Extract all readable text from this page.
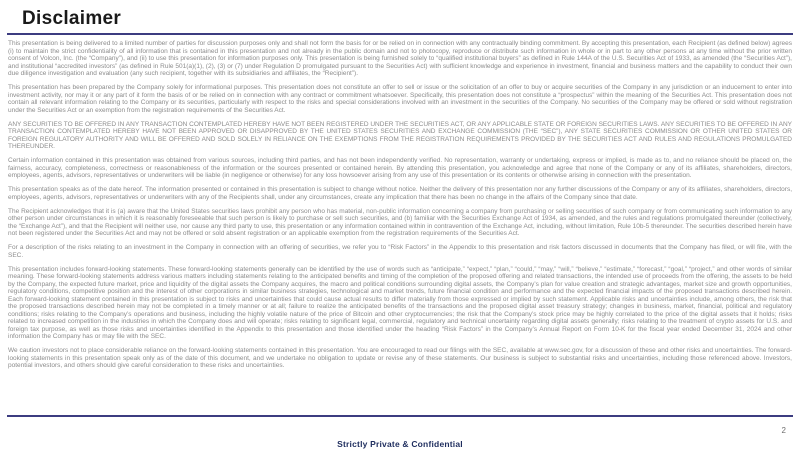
Disclaimer

This presentation is being delivered to a limited number of parties for discussion purposes only and shall not form the basis for or be relied on in connection with any contractually binding commitment. By accepting this presentation, each Recipient (as defined below) agrees (i) to maintain the strict confidentiality of all information that is contained in this presentation and not already in the public domain and not to photocopy, reproduce or distribute such information in whole or in part to any other persons at any time without the prior written consent of Volcon, Inc. (the “Company”), and (ii) to use this presentation for information purposes only. This presentation is being furnished solely to “qualified institutional buyers” as defined in Rule 144A of the U.S. Securities Act of 1933, as amended (the “Securities Act”), and institutional “accredited investors” (as defined in Rule 501(a)(1), (2), (3) or (7) under Regulation D promulgated pursuant to the Securities Act) with sufficient knowledge and experience in investment, financial and business matters and the capability to conduct their own due diligence investigation and evaluation (any such recipient, together with its subsidiaries and affiliates, the “Recipient”).

This presentation has been prepared by the Company solely for informational purposes. This presentation does not constitute an offer to sell or issue or the solicitation of an offer to buy or acquire securities of the Company in any jurisdiction or an inducement to enter into investment activity, nor may it or any part of it form the basis of or be relied on in connection with any contract or commitment whatsoever. Specifically, this presentation does not constitute a “prospectus” within the meaning of the Securities Act. This presentation does not contain all relevant information relating to the Company or its securities, particularly with respect to the risks and special considerations involved with an investment in the securities of the Company. No securities of the Company may be offered or sold without registration under the Securities Act or an exemption from the registration requirements of the Securities Act.

ANY SECURITIES TO BE OFFERED IN ANY TRANSACTION CONTEMPLATED HEREBY HAVE NOT BEEN REGISTERED UNDER THE SECURITIES ACT, OR ANY APPLICABLE STATE OR FOREIGN SECURITIES LAWS. ANY SECURITIES TO BE OFFERED IN ANY TRANSACTION CONTEMPLATED HEREBY HAVE NOT BEEN APPROVED OR DISAPPROVED BY THE UNITED STATES SECURITIES AND EXCHANGE COMMISSION (THE “SEC”), ANY STATE SECURITIES COMMISSION OR OTHER UNITED STATES OR FOREIGN REGULATORY AUTHORITY AND WILL BE OFFERED AND SOLD SOLELY IN RELIANCE ON THE EXEMPTIONS FROM THE REGISTRATION REQUIREMENTS PROVIDED BY THE SECURITIES ACT AND RULES AND REGULATIONS PROMULGATED THEREUNDER.

Certain information contained in this presentation was obtained from various sources, including third parties, and has not been independently verified. No representation, warranty or undertaking, express or implied, is made as to, and no reliance should be placed on, the fairness, accuracy, completeness, correctness or reasonableness of the information or the sources presented or contained herein. By attending this presentation, you acknowledge and agree that none of the Company or any of its affiliates, shareholders, directors, employees, agents, advisors, representatives or underwriters will be liable (in negligence or otherwise) for any loss howsoever arising from any use of this presentation or its contents or otherwise arising in connection with the presentation.

This presentation speaks as of the date hereof. The information presented or contained in this presentation is subject to change without notice. Neither the delivery of this presentation nor any further discussions of the Company or any of its affiliates, shareholders, directors, employees, agents, advisors, representatives or underwriters with any of the Recipients shall, under any circumstances, create any implication that there has been no change in the affairs of the Company since that date.

The Recipient acknowledges that it is (a) aware that the United States securities laws prohibit any person who has material, non-public information concerning a company from purchasing or selling securities of such company or from communicating such information to any other person under circumstances in which it is reasonably foreseeable that such person is likely to purchase or sell such securities, and (b) familiar with the Securities Exchange Act of 1934, as amended, and the rules and regulations promulgated thereunder (collectively, the “Exchange Act”), and that the Recipient will neither use, nor cause any third party to use, this presentation or any information contained within in contravention of the Exchange Act, including, without limitation, Rule 10b-5 thereunder. The securities described herein have not been registered under the Securities Act and may not be offered or sold absent registration or an applicable exemption from the registration requirements of the Securities Act.

For a description of the risks relating to an investment in the Company in connection with an offering of securities, we refer you to “Risk Factors” in the Appendix to this presentation and risk factors discussed in documents that the Company has filed, or will file, with the SEC.

This presentation includes forward-looking statements. These forward-looking statements generally can be identified by the use of words such as “anticipate,” “expect,” “plan,” “could,” “may,” “will,” “believe,” “estimate,” “forecast,” “goal,” “project,” and other words of similar meaning. These forward-looking statements address various matters including statements relating to the anticipated benefits and timing of the completion of the proposed offering and related transactions, the intended use of proceeds from the offering, the assets to be held by the Company, the expected future market, price and liquidity of the digital assets the Company acquires, the macro and political conditions surrounding digital assets, the Company’s plan for value creation and strategic advantages, market size and growth opportunities, regulatory conditions, competitive position and the interest of other corporations in similar business strategies, technological and market trends, future financial condition and performance and the expected financial impacts of the proposed transactions described herein. Each forward-looking statement contained in this presentation is subject to risks and uncertainties that could cause actual results to differ materially from those expressed or implied by such statement. Applicable risks and uncertainties include, among others, the risk that the proposed transactions described herein may not be completed in a timely manner or at all; failure to realize the anticipated benefits of the transactions and the proposed digital asset treasury strategy; changes in business, market, financial, political and regulatory conditions; risks relating to the Company’s operations and business, including the highly volatile nature of the price of Bitcoin and other cryptocurrencies; the risk that the Company’s stock price may be highly correlated to the price of the digital assets that it holds; risks related to increased competition in the industries in which the Company does and will operate; risks relating to significant legal, commercial, regulatory and technical uncertainty regarding digital assets generally; risks relating to the treatment of crypto assets for U.S. and foreign tax purpose, as well as those risks and uncertainties identified in the Appendix to this presentation and those identified under the heading “Risk Factors” in the Company’s Annual Report on Form 10-K for the fiscal year ended December 31, 2024 and other information the Company has or may file with the SEC.

We caution investors not to place considerable reliance on the forward-looking statements contained in this presentation. You are encouraged to read our filings with the SEC, available at www.sec.gov, for a discussion of these and other risks and uncertainties. The forward-looking statements in this presentation speak only as of the date of this document, and we undertake no obligation to update or revise any of these statements. Our business is subject to substantial risks and uncertainties, including those referenced above. Investors, potential investors, and others should give careful consideration to these risks and uncertainties.

2
Strictly Private & Confidential
